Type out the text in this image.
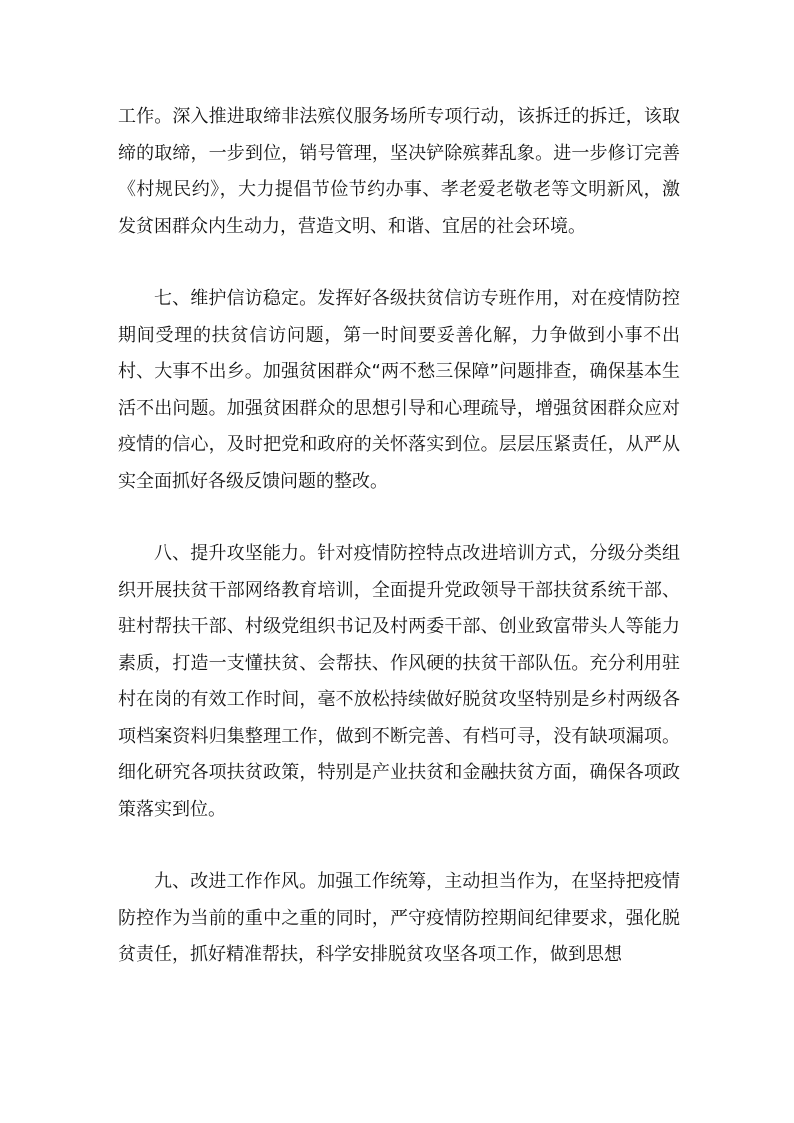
工作。深入推进取缔非法殡仪服务场所专项行动，该拆迁的拆迁，该取缔的取缔，一步到位，销号管理，坚决铲除殡葬乱象。进一步修订完善《村规民约》，大力提倡节俭节约办事、孝老爱老敬老等文明新风，激发贫困群众内生动力，营造文明、和谐、宜居的社会环境。

七、维护信访稳定。发挥好各级扶贫信访专班作用，对在疫情防控期间受理的扶贫信访问题，第一时间要妥善化解，力争做到小事不出村、大事不出乡。加强贫困群众“两不愁三保障”问题排查，确保基本生活不出问题。加强贫困群众的思想引导和心理疏导，增强贫困群众应对疫情的信心，及时把党和政府的关怀落实到位。层层压紧责任，从严从实全面抓好各级反馈问题的整改。

八、提升攻坚能力。针对疫情防控特点改进培训方式，分级分类组织开展扶贫干部网络教育培训，全面提升党政领导干部扶贫系统干部、驻村帮扶干部、村级党组织书记及村两委干部、创业致富带头人等能力素质，打造一支懂扶贫、会帮扶、作风硬的扶贫干部队伍。充分利用驻村在岗的有效工作时间，毫不放松持续做好脱贫攻坚特别是乡村两级各项档案资料归集整理工作，做到不断完善、有档可寻，没有缺项漏项。细化研究各项扶贫政策，特别是产业扶贫和金融扶贫方面，确保各项政策落实到位。

九、改进工作作风。加强工作统筹，主动担当作为，在坚持把疫情防控作为当前的重中之重的同时，严守疫情防控期间纪律要求，强化脱贫责任，抓好精准帮扶，科学安排脱贫攻坚各项工作，做到思想
